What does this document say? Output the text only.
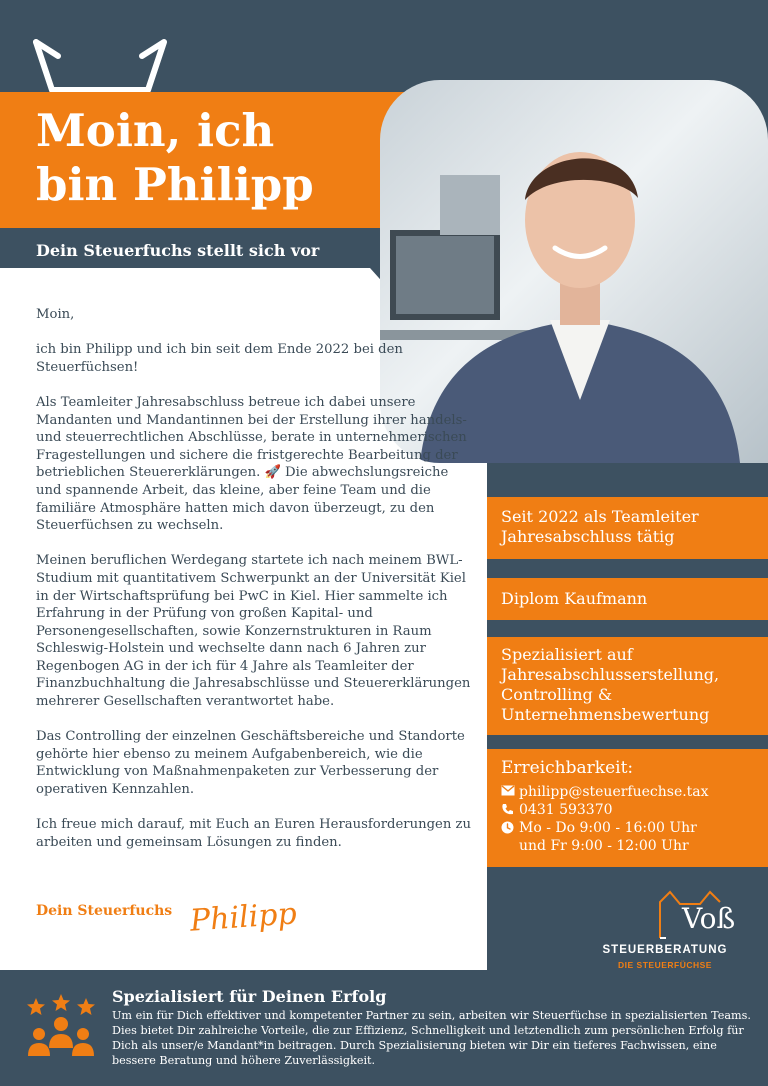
Moin, ich
bin Philipp

Dein Steuerfuchs stellt sich vor

Moin,

ich bin Philipp und ich bin seit dem Ende 2022 bei den Steuerfüchsen!

Als Teamleiter Jahresabschluss betreue ich dabei unsere Mandanten und Mandantinnen bei der Erstellung ihrer handels- und steuerrechtlichen Abschlüsse, berate in unternehmerischen Fragestellungen und sichere die fristgerechte Bearbeitung der betrieblichen Steuererklärungen. 🚀 Die abwechslungsreiche und spannende Arbeit, das kleine, aber feine Team und die familiäre Atmosphäre hatten mich davon überzeugt, zu den Steuerfüchsen zu wechseln.

Meinen beruflichen Werdegang startete ich nach meinem BWL-Studium mit quantitativem Schwerpunkt an der Universität Kiel in der Wirtschaftsprüfung bei PwC in Kiel. Hier sammelte ich Erfahrung in der Prüfung von großen Kapital- und Personengesellschaften, sowie Konzernstrukturen in Raum Schleswig-Holstein und wechselte dann nach 6 Jahren zur Regenbogen AG in der ich für 4 Jahre als Teamleiter der Finanzbuchhaltung die Jahresabschlüsse und Steuererklärungen mehrerer Gesellschaften verantwortet habe.

Das Controlling der einzelnen Geschäftsbereiche und Standorte gehörte hier ebenso zu meinem Aufgabenbereich, wie die Entwicklung von Maßnahmenpaketen zur Verbesserung der operativen Kennzahlen.

Ich freue mich darauf, mit Euch an Euren Herausforderungen zu arbeiten und gemeinsam Lösungen zu finden.

Dein Steuerfuchs Philipp
Seit 2022 als Teamleiter Jahresabschluss tätig
Diplom Kaufmann
Spezialisiert auf Jahresabschlusserstellung, Controlling & Unternehmensbewertung
Erreichbarkeit:
philipp@steuerfuechse.tax
0431 593370
Mo - Do 9:00 - 16:00 Uhr
und Fr 9:00 - 12:00 Uhr
Voß
STEUERBERATUNG
DIE STEUERFÜCHSE
Spezialisiert für Deinen Erfolg

Um ein für Dich effektiver und kompetenter Partner zu sein, arbeiten wir Steuerfüchse in spezialisierten Teams. Dies bietet Dir zahlreiche Vorteile, die zur Effizienz, Schnelligkeit und letztendlich zum persönlichen Erfolg für Dich als unser/e Mandant*in beitragen. Durch Spezialisierung bieten wir Dir ein tieferes Fachwissen, eine bessere Beratung und höhere Zuverlässigkeit.
